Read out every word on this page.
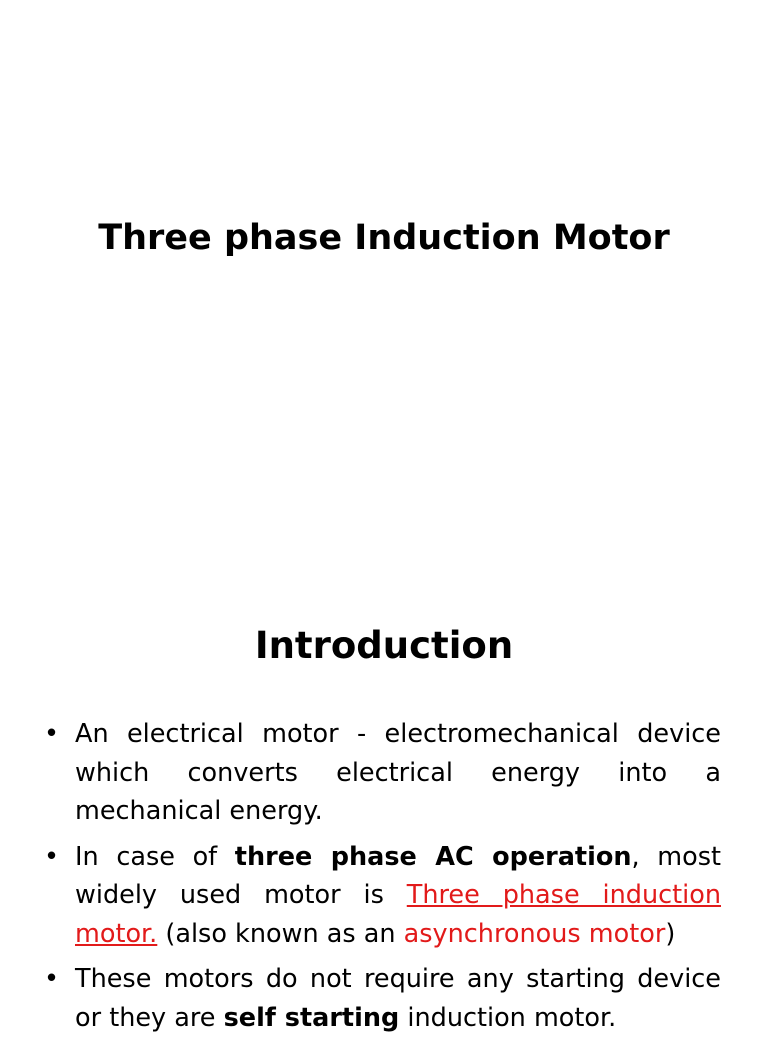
Three phase Induction Motor
Introduction
• An electrical motor - electromechanical device which converts electrical energy into a mechanical energy.
• In case of three phase AC operation, most widely used motor is Three phase induction motor. (also known as an asynchronous motor)
• These motors do not require any starting device or they are self starting induction motor.
